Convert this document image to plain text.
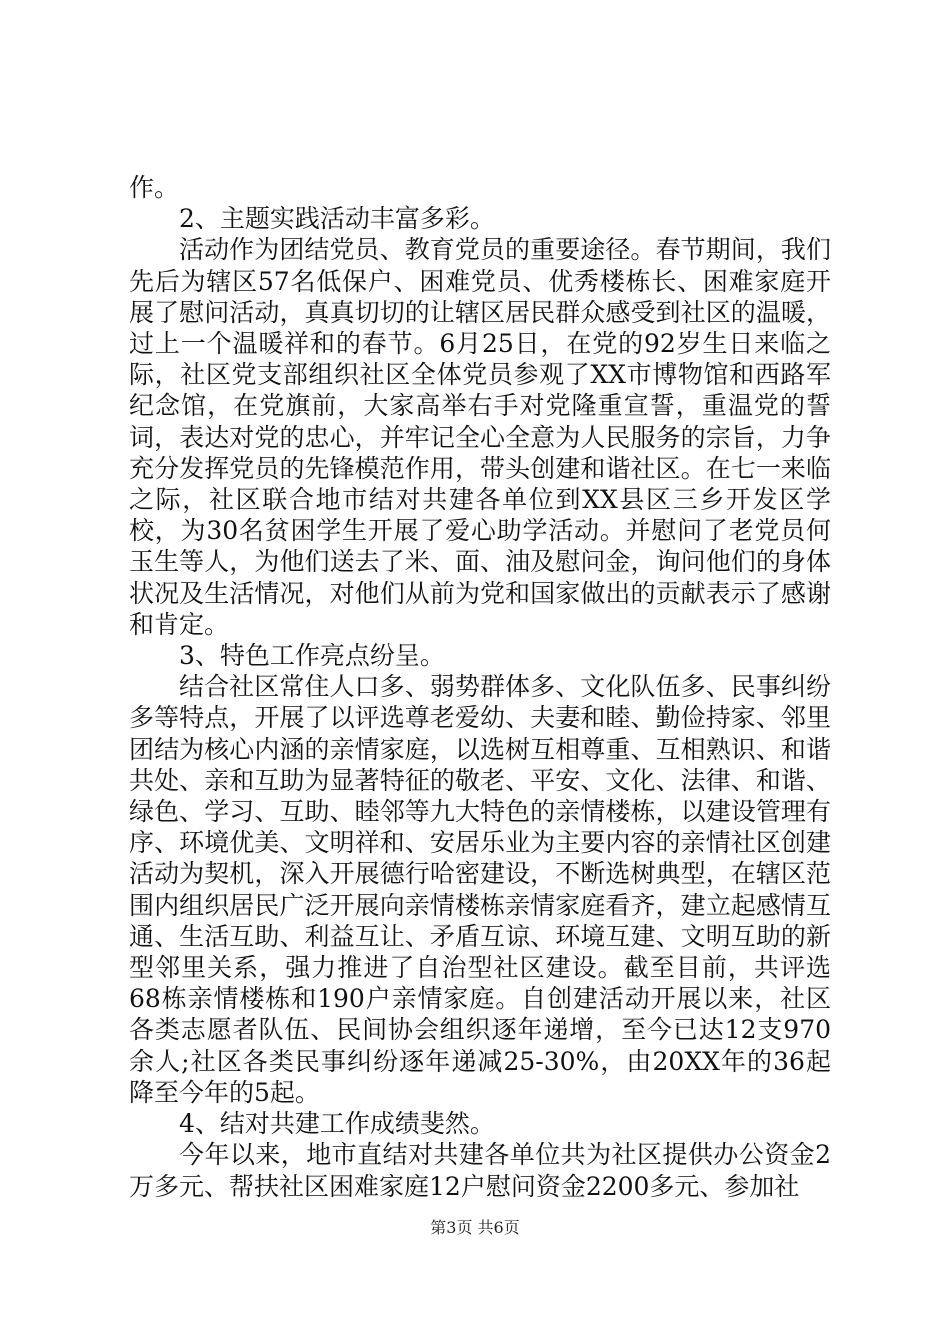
作。

2、主题实践活动丰富多彩。

活动作为团结党员、教育党员的重要途径。春节期间，我们先后为辖区57名低保户、困难党员、优秀楼栋长、困难家庭开展了慰问活动，真真切切的让辖区居民群众感受到社区的温暖，过上一个温暖祥和的春节。6月25日，在党的92岁生日来临之际，社区党支部组织社区全体党员参观了XX市博物馆和西路军纪念馆，在党旗前，大家高举右手对党隆重宣誓，重温党的誓词，表达对党的忠心，并牢记全心全意为人民服务的宗旨，力争充分发挥党员的先锋模范作用，带头创建和谐社区。在七一来临之际，社区联合地市结对共建各单位到XX县区三乡开发区学校，为30名贫困学生开展了爱心助学活动。并慰问了老党员何玉生等人，为他们送去了米、面、油及慰问金，询问他们的身体状况及生活情况，对他们从前为党和国家做出的贡献表示了感谢和肯定。

3、特色工作亮点纷呈。

结合社区常住人口多、弱势群体多、文化队伍多、民事纠纷多等特点，开展了以评选尊老爱幼、夫妻和睦、勤俭持家、邻里团结为核心内涵的亲情家庭，以选树互相尊重、互相熟识、和谐共处、亲和互助为显著特征的敬老、平安、文化、法律、和谐、绿色、学习、互助、睦邻等九大特色的亲情楼栋，以建设管理有序、环境优美、文明祥和、安居乐业为主要内容的亲情社区创建活动为契机，深入开展德行哈密建设，不断选树典型，在辖区范围内组织居民广泛开展向亲情楼栋亲情家庭看齐，建立起感情互通、生活互助、利益互让、矛盾互谅、环境互建、文明互助的新型邻里关系，强力推进了自治型社区建设。截至目前，共评选68栋亲情楼栋和190户亲情家庭。自创建活动开展以来，社区各类志愿者队伍、民间协会组织逐年递增，至今已达12支970余人;社区各类民事纠纷逐年递减25-30%，由20XX年的36起降至今年的5起。

4、结对共建工作成绩斐然。

今年以来，地市直结对共建各单位共为社区提供办公资金2万多元、帮扶社区困难家庭12户慰问资金2200多元、参加社

第3页 共6页
